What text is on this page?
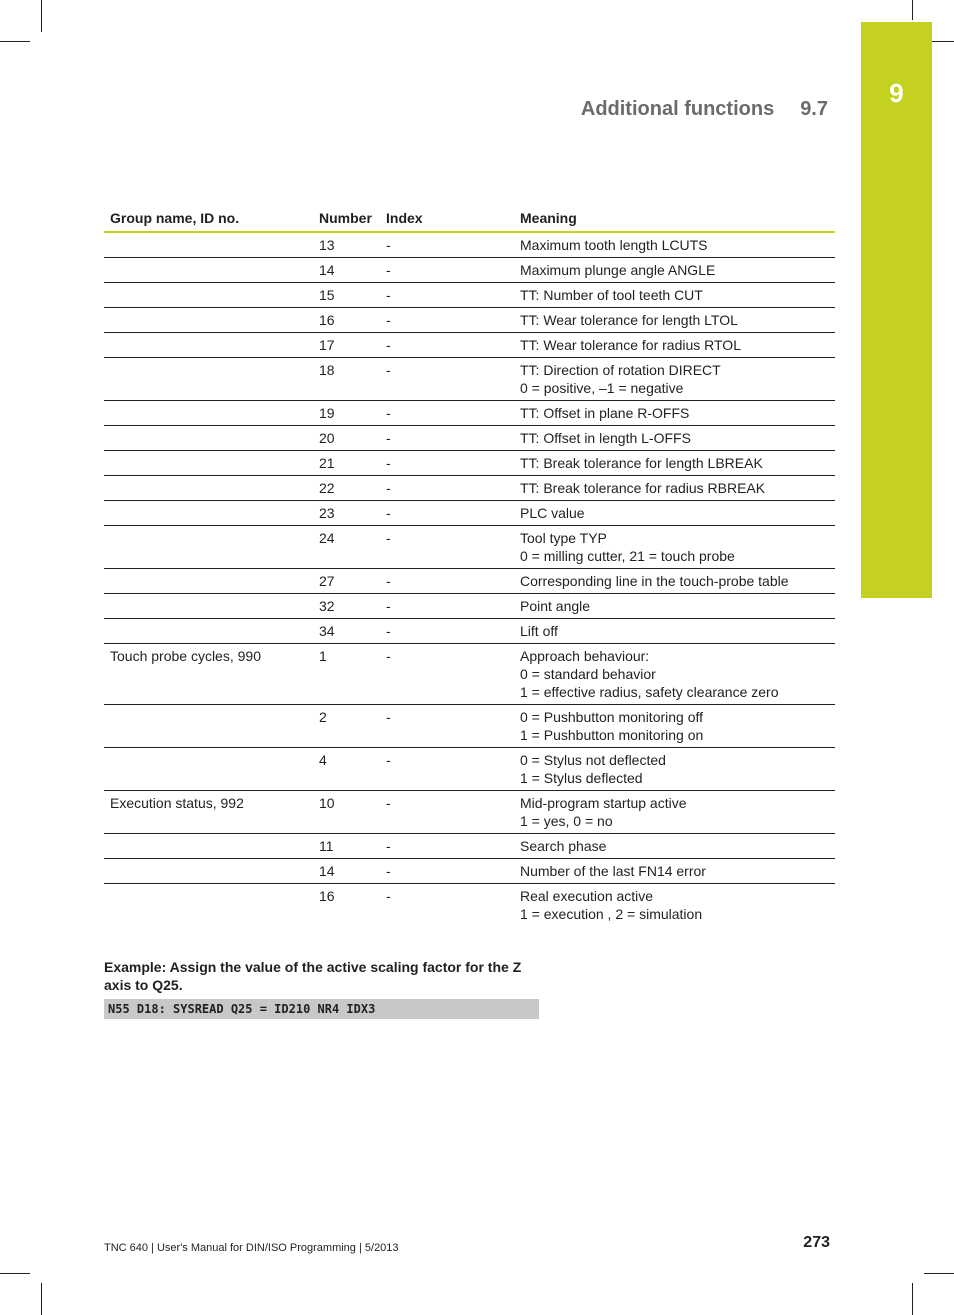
9
Additional functions 9.7
Group name, ID no.	Number	Index	Meaning
	13	-	Maximum tooth length LCUTS

	14	-	Maximum plunge angle ANGLE

	15	-	TT: Number of tool teeth CUT

	16	-	TT: Wear tolerance for length LTOL

	17	-	TT: Wear tolerance for radius RTOL

	18	-	TT: Direction of rotation DIRECT
0 = positive, –1 = negative

	19	-	TT: Offset in plane R-OFFS

	20	-	TT: Offset in length L-OFFS

	21	-	TT: Break tolerance for length LBREAK

	22	-	TT: Break tolerance for radius RBREAK

	23	-	PLC value

	24	-	Tool type TYP
0 = milling cutter, 21 = touch probe

	27	-	Corresponding line in the touch-probe table

	32	-	Point angle

	34	-	Lift off

Touch probe cycles, 990	1	-	Approach behaviour:
0 = standard behavior
1 = effective radius, safety clearance zero

	2	-	0 = Pushbutton monitoring off
1 = Pushbutton monitoring on

	4	-	0 = Stylus not deflected
1 = Stylus deflected

Execution status, 992	10	-	Mid-program startup active
1 = yes, 0 = no

	11	-	Search phase

	14	-	Number of the last FN14 error

	16	-	Real execution active
1 = execution , 2 = simulation
Example: Assign the value of the active scaling factor for the Z axis to Q25.
N55 D18: SYSREAD Q25 = ID210 NR4 IDX3
TNC 640 | User's Manual for DIN/ISO Programming | 5/2013	273
